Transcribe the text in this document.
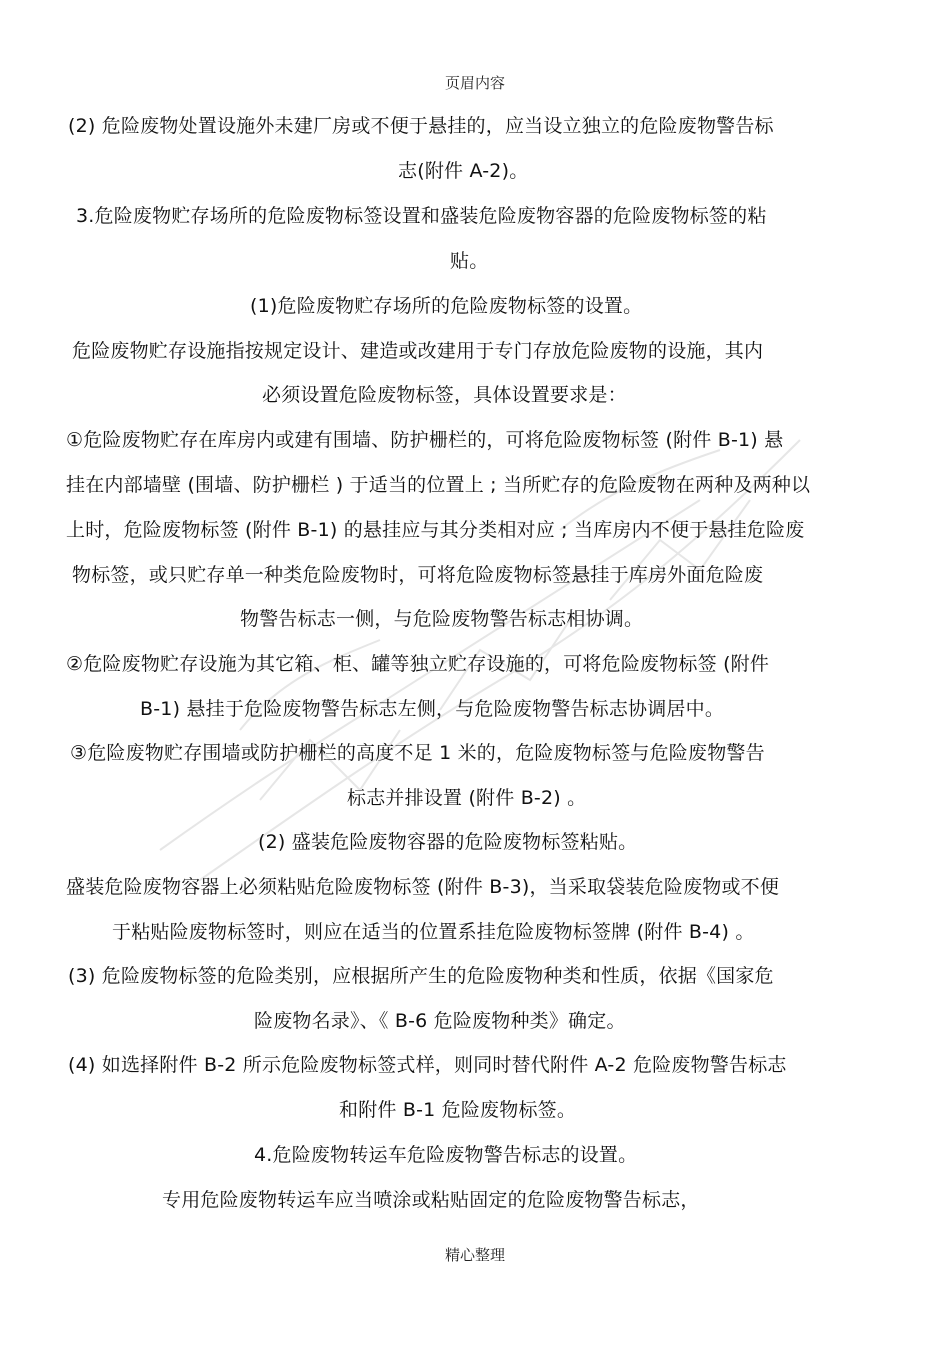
页眉内容
(2) 危险废物处置设施外未建厂房或不便于悬挂的，应当设立独立的危险废物警告标
志(附件 A-2)。
3.危险废物贮存场所的危险废物标签设置和盛装危险废物容器的危险废物标签的粘
贴。
(1)危险废物贮存场所的危险废物标签的设置。
危险废物贮存设施指按规定设计、建造或改建用于专门存放危险废物的设施，其内
必须设置危险废物标签，具体设置要求是：
①危险废物贮存在库房内或建有围墙、防护栅栏的，可将危险废物标签 (附件 B-1) 悬
挂在内部墙壁 (围墙、防护栅栏 ) 于适当的位置上 ; 当所贮存的危险废物在两种及两种以
上时，危险废物标签 (附件 B-1) 的悬挂应与其分类相对应 ; 当库房内不便于悬挂危险废
物标签，或只贮存单一种类危险废物时，可将危险废物标签悬挂于库房外面危险废
物警告标志一侧，与危险废物警告标志相协调。
②危险废物贮存设施为其它箱、柜、罐等独立贮存设施的，可将危险废物标签 (附件
B-1) 悬挂于危险废物警告标志左侧，与危险废物警告标志协调居中。
③危险废物贮存围墙或防护栅栏的高度不足 1 米的，危险废物标签与危险废物警告
标志并排设置 (附件 B-2) 。
(2) 盛装危险废物容器的危险废物标签粘贴。
盛装危险废物容器上必须粘贴危险废物标签 (附件 B-3)，当采取袋装危险废物或不便
于粘贴险废物标签时，则应在适当的位置系挂危险废物标签牌 (附件 B-4) 。
(3) 危险废物标签的危险类别，应根据所产生的危险废物种类和性质，依据《国家危
险废物名录》、《 B-6 危险废物种类》确定。
(4) 如选择附件 B-2 所示危险废物标签式样，则同时替代附件 A-2 危险废物警告标志
和附件 B-1 危险废物标签。
4.危险废物转运车危险废物警告标志的设置。
专用危险废物转运车应当喷涂或粘贴固定的危险废物警告标志，
精心整理
